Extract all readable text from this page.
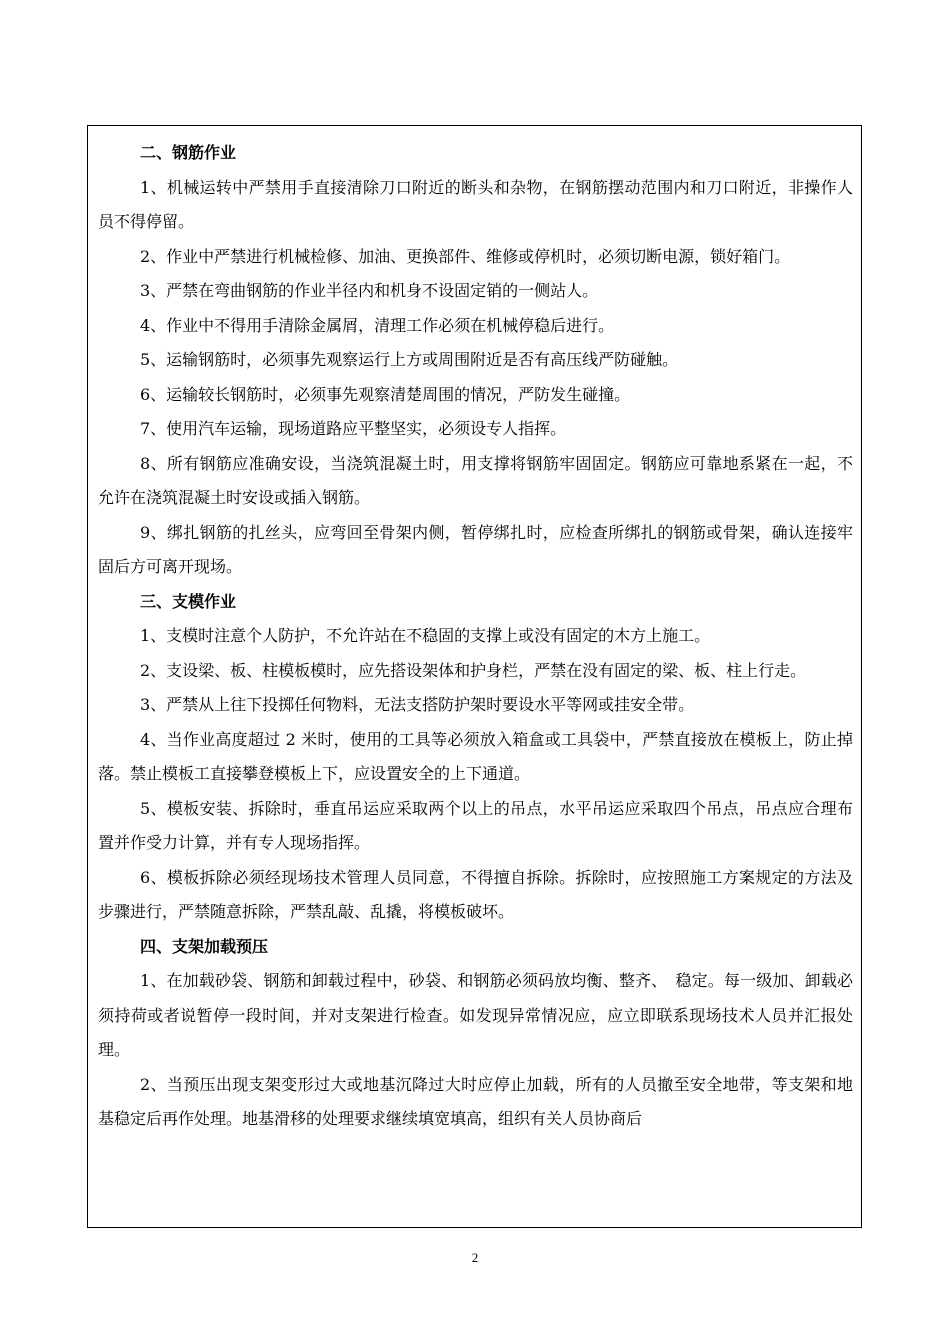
二、钢筋作业
1、机械运转中严禁用手直接清除刀口附近的断头和杂物，在钢筋摆动范围内和刀口附近，非操作人员不得停留。
2、作业中严禁进行机械检修、加油、更换部件、维修或停机时，必须切断电源，锁好箱门。
3、严禁在弯曲钢筋的作业半径内和机身不设固定销的一侧站人。
4、作业中不得用手清除金属屑，清理工作必须在机械停稳后进行。
5、运输钢筋时，必须事先观察运行上方或周围附近是否有高压线严防碰触。
6、运输较长钢筋时，必须事先观察清楚周围的情况，严防发生碰撞。
7、使用汽车运输，现场道路应平整坚实，必须设专人指挥。
8、所有钢筋应准确安设，当浇筑混凝土时，用支撑将钢筋牢固固定。钢筋应可靠地系紧在一起，不允许在浇筑混凝土时安设或插入钢筋。
9、绑扎钢筋的扎丝头，应弯回至骨架内侧，暂停绑扎时，应检查所绑扎的钢筋或骨架，确认连接牢固后方可离开现场。
三、支模作业
1、支模时注意个人防护，不允许站在不稳固的支撑上或没有固定的木方上施工。
2、支设梁、板、柱模板模时，应先搭设架体和护身栏，严禁在没有固定的梁、板、柱上行走。
3、严禁从上往下投掷任何物料，无法支搭防护架时要设水平等网或挂安全带。
4、当作业高度超过 2 米时，使用的工具等必须放入箱盒或工具袋中，严禁直接放在模板上，防止掉落。禁止模板工直接攀登模板上下，应设置安全的上下通道。
5、模板安装、拆除时，垂直吊运应采取两个以上的吊点，水平吊运应采取四个吊点，吊点应合理布置并作受力计算，并有专人现场指挥。
6、模板拆除必须经现场技术管理人员同意，不得擅自拆除。拆除时，应按照施工方案规定的方法及步骤进行，严禁随意拆除，严禁乱敲、乱撬，将模板破坏。
四、支架加载预压
1、在加载砂袋、钢筋和卸载过程中，砂袋、和钢筋必须码放均衡、整齐、　稳定。每一级加、卸载必须持荷或者说暂停一段时间，并对支架进行检查。如发现异常情况应，应立即联系现场技术人员并汇报处理。
2、当预压出现支架变形过大或地基沉降过大时应停止加载，所有的人员撤至安全地带，等支架和地基稳定后再作处理。地基滑移的处理要求继续填宽填高，组织有关人员协商后
2
